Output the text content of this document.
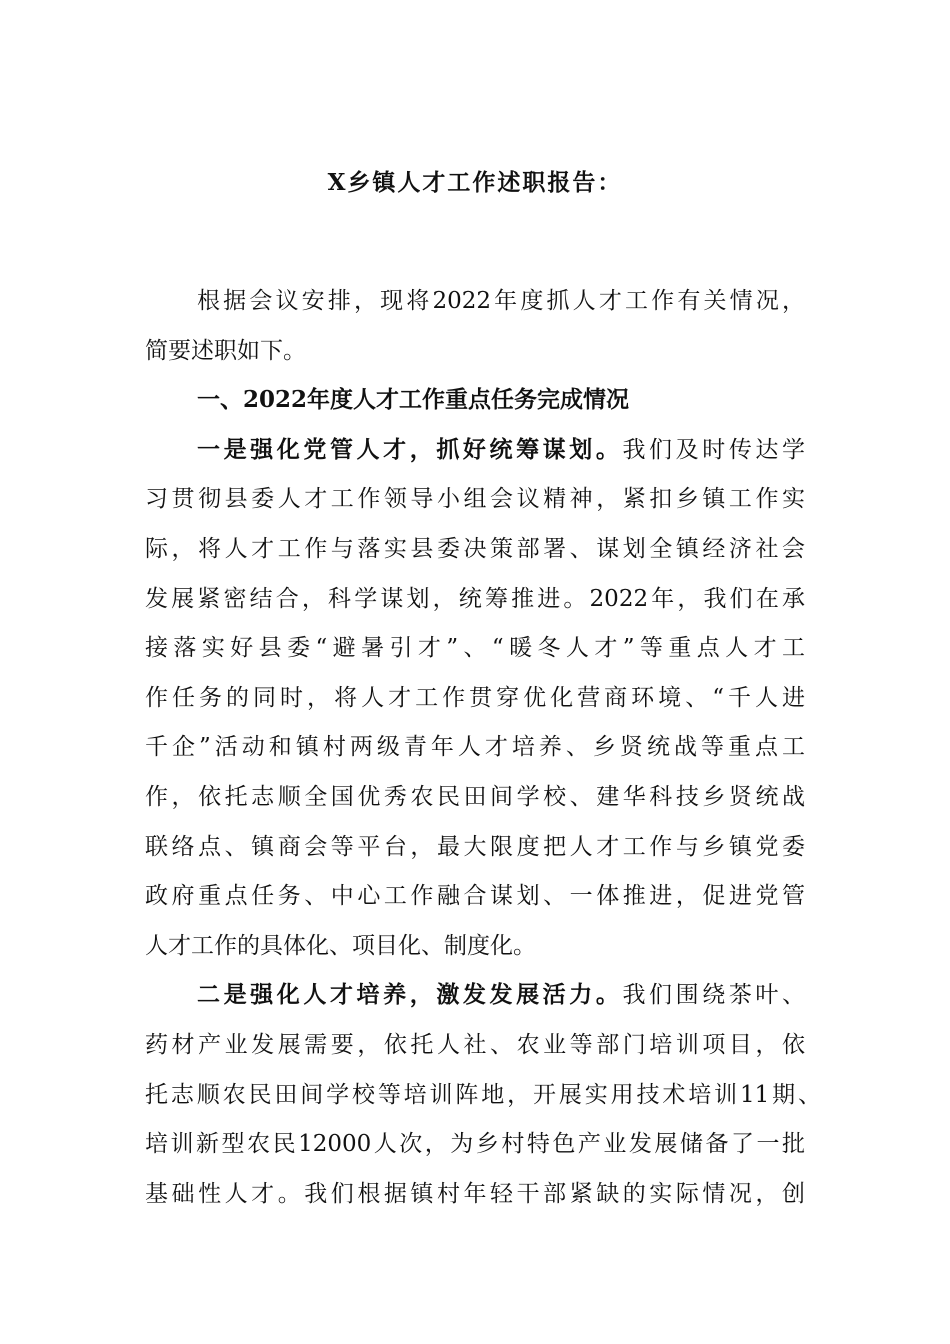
X乡镇人才工作述职报告：
根据会议安排，现将2022年度抓人才工作有关情况，
简要述职如下。
一、2022年度人才工作重点任务完成情况
一是强化党管人才，抓好统筹谋划。我们及时传达学
习贯彻县委人才工作领导小组会议精神，紧扣乡镇工作实
际，将人才工作与落实县委决策部署、谋划全镇经济社会
发展紧密结合，科学谋划，统筹推进。2022年，我们在承
接落实好县委“避暑引才”、“暖冬人才”等重点人才工
作任务的同时，将人才工作贯穿优化营商环境、“千人进
千企”活动和镇村两级青年人才培养、乡贤统战等重点工
作，依托志顺全国优秀农民田间学校、建华科技乡贤统战
联络点、镇商会等平台，最大限度把人才工作与乡镇党委
政府重点任务、中心工作融合谋划、一体推进，促进党管
人才工作的具体化、项目化、制度化。
二是强化人才培养，激发发展活力。我们围绕茶叶、
药材产业发展需要，依托人社、农业等部门培训项目，依
托志顺农民田间学校等培训阵地，开展实用技术培训11期、
培训新型农民12000人次，为乡村特色产业发展储备了一批
基础性人才。我们根据镇村年轻干部紧缺的实际情况，创
